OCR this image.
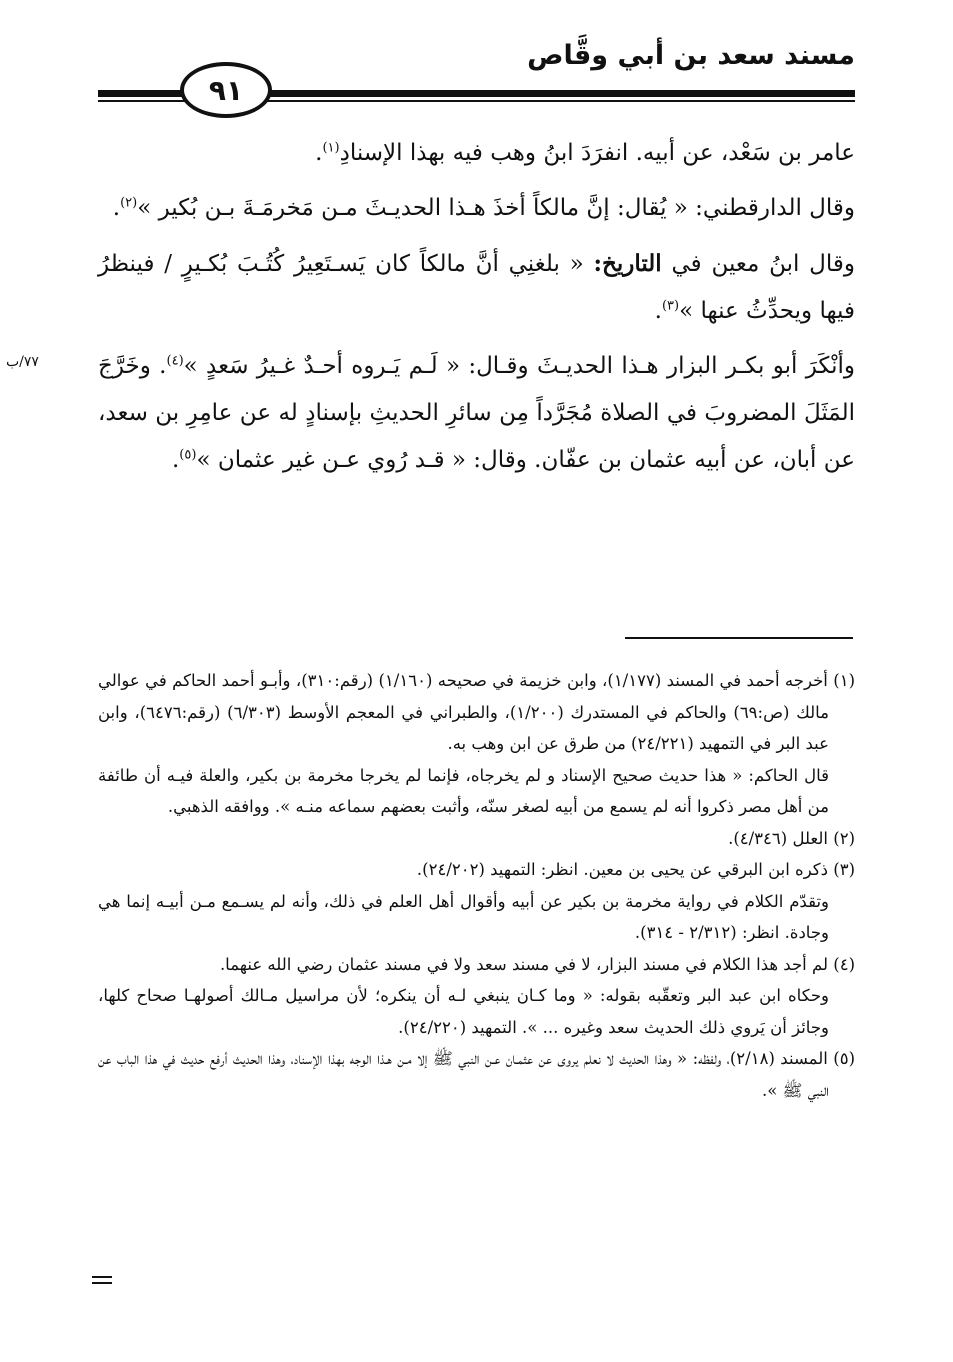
مسند سعد بن أبي وقَّاص
٩١
٧٧/ب

عامر بن سَعْد، عن أبيه. انفرَدَ ابنُ وهب فيه بهذا الإسنادِ$^{(١)}$.

وقال الدارقطني: « يُقال: إنَّ مالكاً أخذَ هـذا الحديـثَ مـن مَخرمَـةَ بـن بُكير »$^{(٢)}$.

وقال ابنُ معين في التاريخ: « بلغنِي أنَّ مالكاً كان يَسـتَعِيرُ كُتُـبَ بُكـيرٍ / فينظرُ فيها ويحدِّثُ عنها »$^{(٣)}$.

وأنْكَرَ أبو بكـر البزار هـذا الحديـثَ وقـال: « لَـم يَـروه أحـدٌ غـيرُ سَعدٍ »$^{(٤)}$. وخَرَّجَ المَثَلَ المضروبَ في الصلاة مُجَرَّداً مِن سائرِ الحديثِ بإسنادٍ له عن عامِرِ بن سعد، عن أبان، عن أبيه عثمان بن عفّان. وقال: « قـد رُوي عـن غير عثمان »$^{(٥)}$.

(١) أخرجه أحمد في المسند (١/١٧٧)، وابن خزيمة في صحيحه (١/١٦٠) (رقم:٣١٠)، وأبـو أحمد الحاكم في عوالي مالك (ص:٦٩) والحاكم في المستدرك (١/٢٠٠)، والطبراني في المعجم الأوسط (٦/٣٠٣) (رقم:٦٤٧٦)، وابن عبد البر في التمهيد (٢٤/٢٢١) من طرق عن ابن وهب به.

قال الحاكم: « هذا حديث صحيح الإسناد و لم يخرجاه، فإنما لم يخرجا مخرمة بن بكير، والعلة فيـه أن طائفة من أهل مصر ذكروا أنه لم يسمع من أبيه لصغر سنّه، وأثبت بعضهم سماعه منـه ». ووافقه الذهبي.

(٢) العلل (٤/٣٤٦).

(٣) ذكره ابن البرقي عن يحيى بن معين. انظر: التمهيد (٢٤/٢٠٢).

وتقدّم الكلام في رواية مخرمة بن بكير عن أبيه وأقوال أهل العلم في ذلك، وأنه لم يسـمع مـن أبيـه إنما هي وجادة. انظر: (٢/٣١٢ - ٣١٤).

(٤) لم أجد هذا الكلام في مسند البزار، لا في مسند سعد ولا في مسند عثمان رضي الله عنهما.

وحكاه ابن عبد البر وتعقّبه بقوله: « وما كـان ينبغي لـه أن ينكره؛ لأن مراسيل مـالك أصولهـا صحاح كلها، وجائز أن يَروي ذلك الحديث سعد وغيره ... ». التمهيد (٢٤/٢٢٠).

(٥) المسند (٢/١٨)، ولفظه: « وهذا الحديث لا نعلم يروى عن عثمـان عـن النبي ﷺ إلا مـن هـذا الوجه بهذا الإسناد، وهذا الحديث أرفع حديث في هذا الباب عن النبي ﷺ ».
